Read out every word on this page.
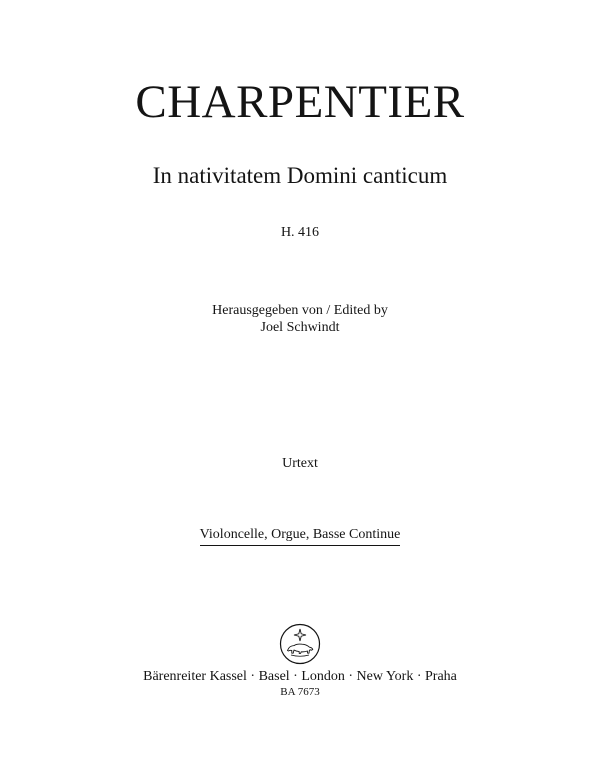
CHARPENTIER
In nativitatem Domini canticum
H. 416
Herausgegeben von / Edited by
Joel Schwindt
Urtext
Violoncelle, Orgue, Basse Continue
Bärenreiter Kassel · Basel · London · New York · Praha
BA 7673
